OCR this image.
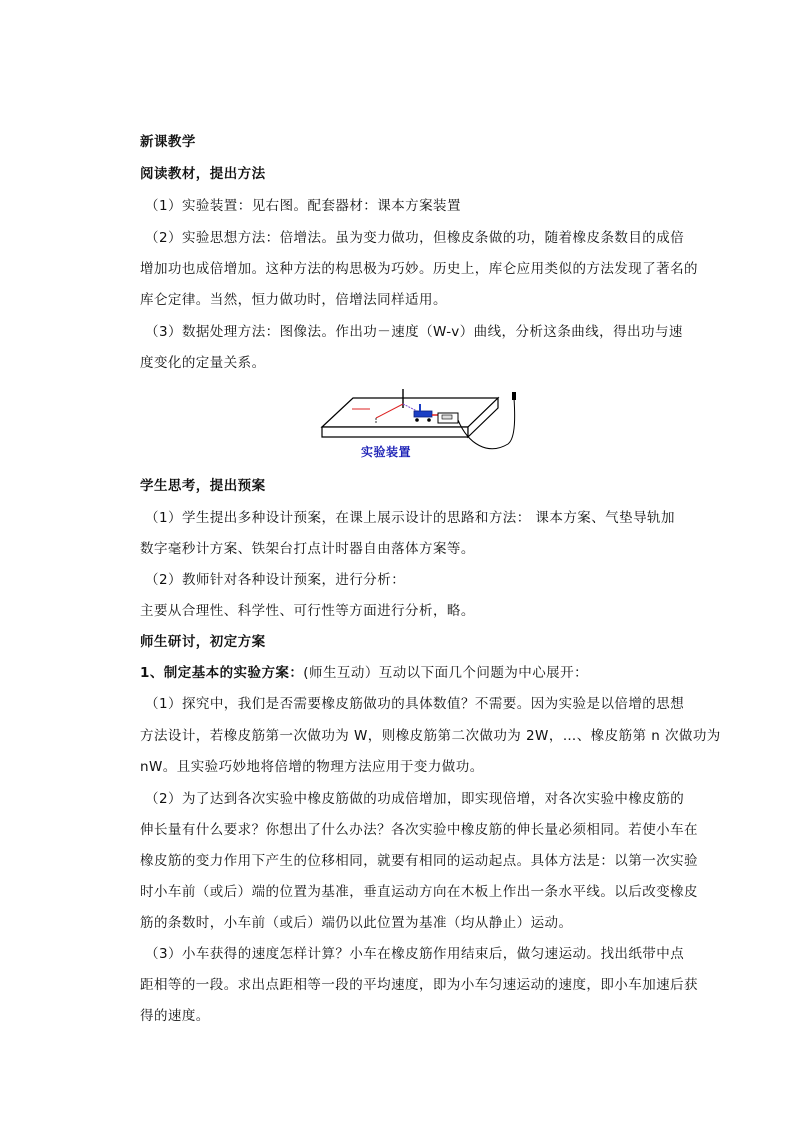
新课教学
阅读教材，提出方法
（1）实验装置：见右图。配套器材：课本方案装置
（2）实验思想方法：倍增法。虽为变力做功，但橡皮条做的功，随着橡皮条数目的成倍
增加功也成倍增加。这种方法的构思极为巧妙。历史上，库仑应用类似的方法发现了著名的
库仑定律。当然，恒力做功时，倍增法同样适用。
（3）数据处理方法：图像法。作出功－速度（W-v）曲线，分析这条曲线，得出功与速
度变化的定量关系。
实验装置
学生思考，提出预案
（1）学生提出多种设计预案，在课上展示设计的思路和方法： 课本方案、气垫导轨加
数字毫秒计方案、铁架台打点计时器自由落体方案等。
（2）教师针对各种设计预案，进行分析：
主要从合理性、科学性、可行性等方面进行分析，略。
师生研讨，初定方案
1、制定基本的实验方案：(师生互动）互动以下面几个问题为中心展开：
（1）探究中，我们是否需要橡皮筋做功的具体数值？不需要。因为实验是以倍增的思想
方法设计，若橡皮筋第一次做功为 W，则橡皮筋第二次做功为 2W，…、橡皮筋第 n 次做功为
nW。且实验巧妙地将倍增的物理方法应用于变力做功。
（2）为了达到各次实验中橡皮筋做的功成倍增加，即实现倍增，对各次实验中橡皮筋的
伸长量有什么要求？你想出了什么办法？各次实验中橡皮筋的伸长量必须相同。若使小车在
橡皮筋的变力作用下产生的位移相同，就要有相同的运动起点。具体方法是：以第一次实验
时小车前（或后）端的位置为基准，垂直运动方向在木板上作出一条水平线。以后改变橡皮
筋的条数时，小车前（或后）端仍以此位置为基准（均从静止）运动。
（3）小车获得的速度怎样计算？小车在橡皮筋作用结束后，做匀速运动。找出纸带中点
距相等的一段。求出点距相等一段的平均速度，即为小车匀速运动的速度，即小车加速后获
得的速度。
